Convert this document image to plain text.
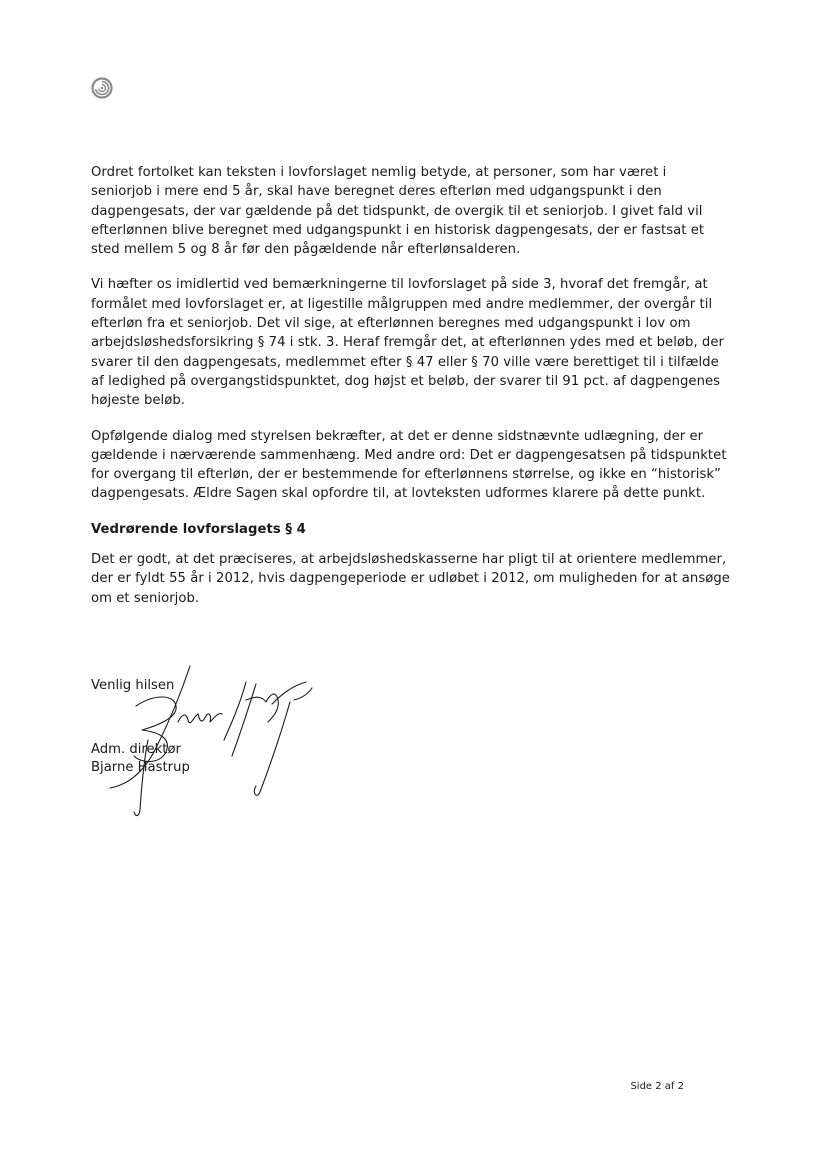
Ordret fortolket kan teksten i lovforslaget nemlig betyde, at personer, som har været i seniorjob i mere end 5 år, skal have beregnet deres efterløn med udgangspunkt i den dagpengesats, der var gældende på det tidspunkt, de overgik til et seniorjob. I givet fald vil efterlønnen blive beregnet med udgangspunkt i en historisk dagpengesats, der er fastsat et sted mellem 5 og 8 år før den pågældende når efterlønsalderen.

Vi hæfter os imidlertid ved bemærkningerne til lovforslaget på side 3, hvoraf det fremgår, at formålet med lovforslaget er, at ligestille målgruppen med andre medlemmer, der overgår til efterløn fra et seniorjob. Det vil sige, at efterlønnen beregnes med udgangspunkt i lov om arbejdsløshedsforsikring § 74 i stk. 3. Heraf fremgår det, at efterlønnen ydes med et beløb, der svarer til den dagpengesats, medlemmet efter § 47 eller § 70 ville være berettiget til i tilfælde af ledighed på overgangstidspunktet, dog højst et beløb, der svarer til 91 pct. af dagpengenes højeste beløb.

Opfølgende dialog med styrelsen bekræfter, at det er denne sidstnævnte udlægning, der er gældende i nærværende sammenhæng. Med andre ord: Det er dagpengesatsen på tidspunktet for overgang til efterløn, der er bestemmende for efterlønnens størrelse, og ikke en “historisk” dagpengesats. Ældre Sagen skal opfordre til, at lovteksten udformes klarere på dette punkt.

Vedrørende lovforslagets § 4

Det er godt, at det præciseres, at arbejdsløshedskasserne har pligt til at orientere medlemmer, der er fyldt 55 år i 2012, hvis dagpengeperiode er udløbet i 2012, om muligheden for at ansøge om et seniorjob.

Venlig hilsen
Adm. direktør
Bjarne Hastrup
Side 2 af 2
